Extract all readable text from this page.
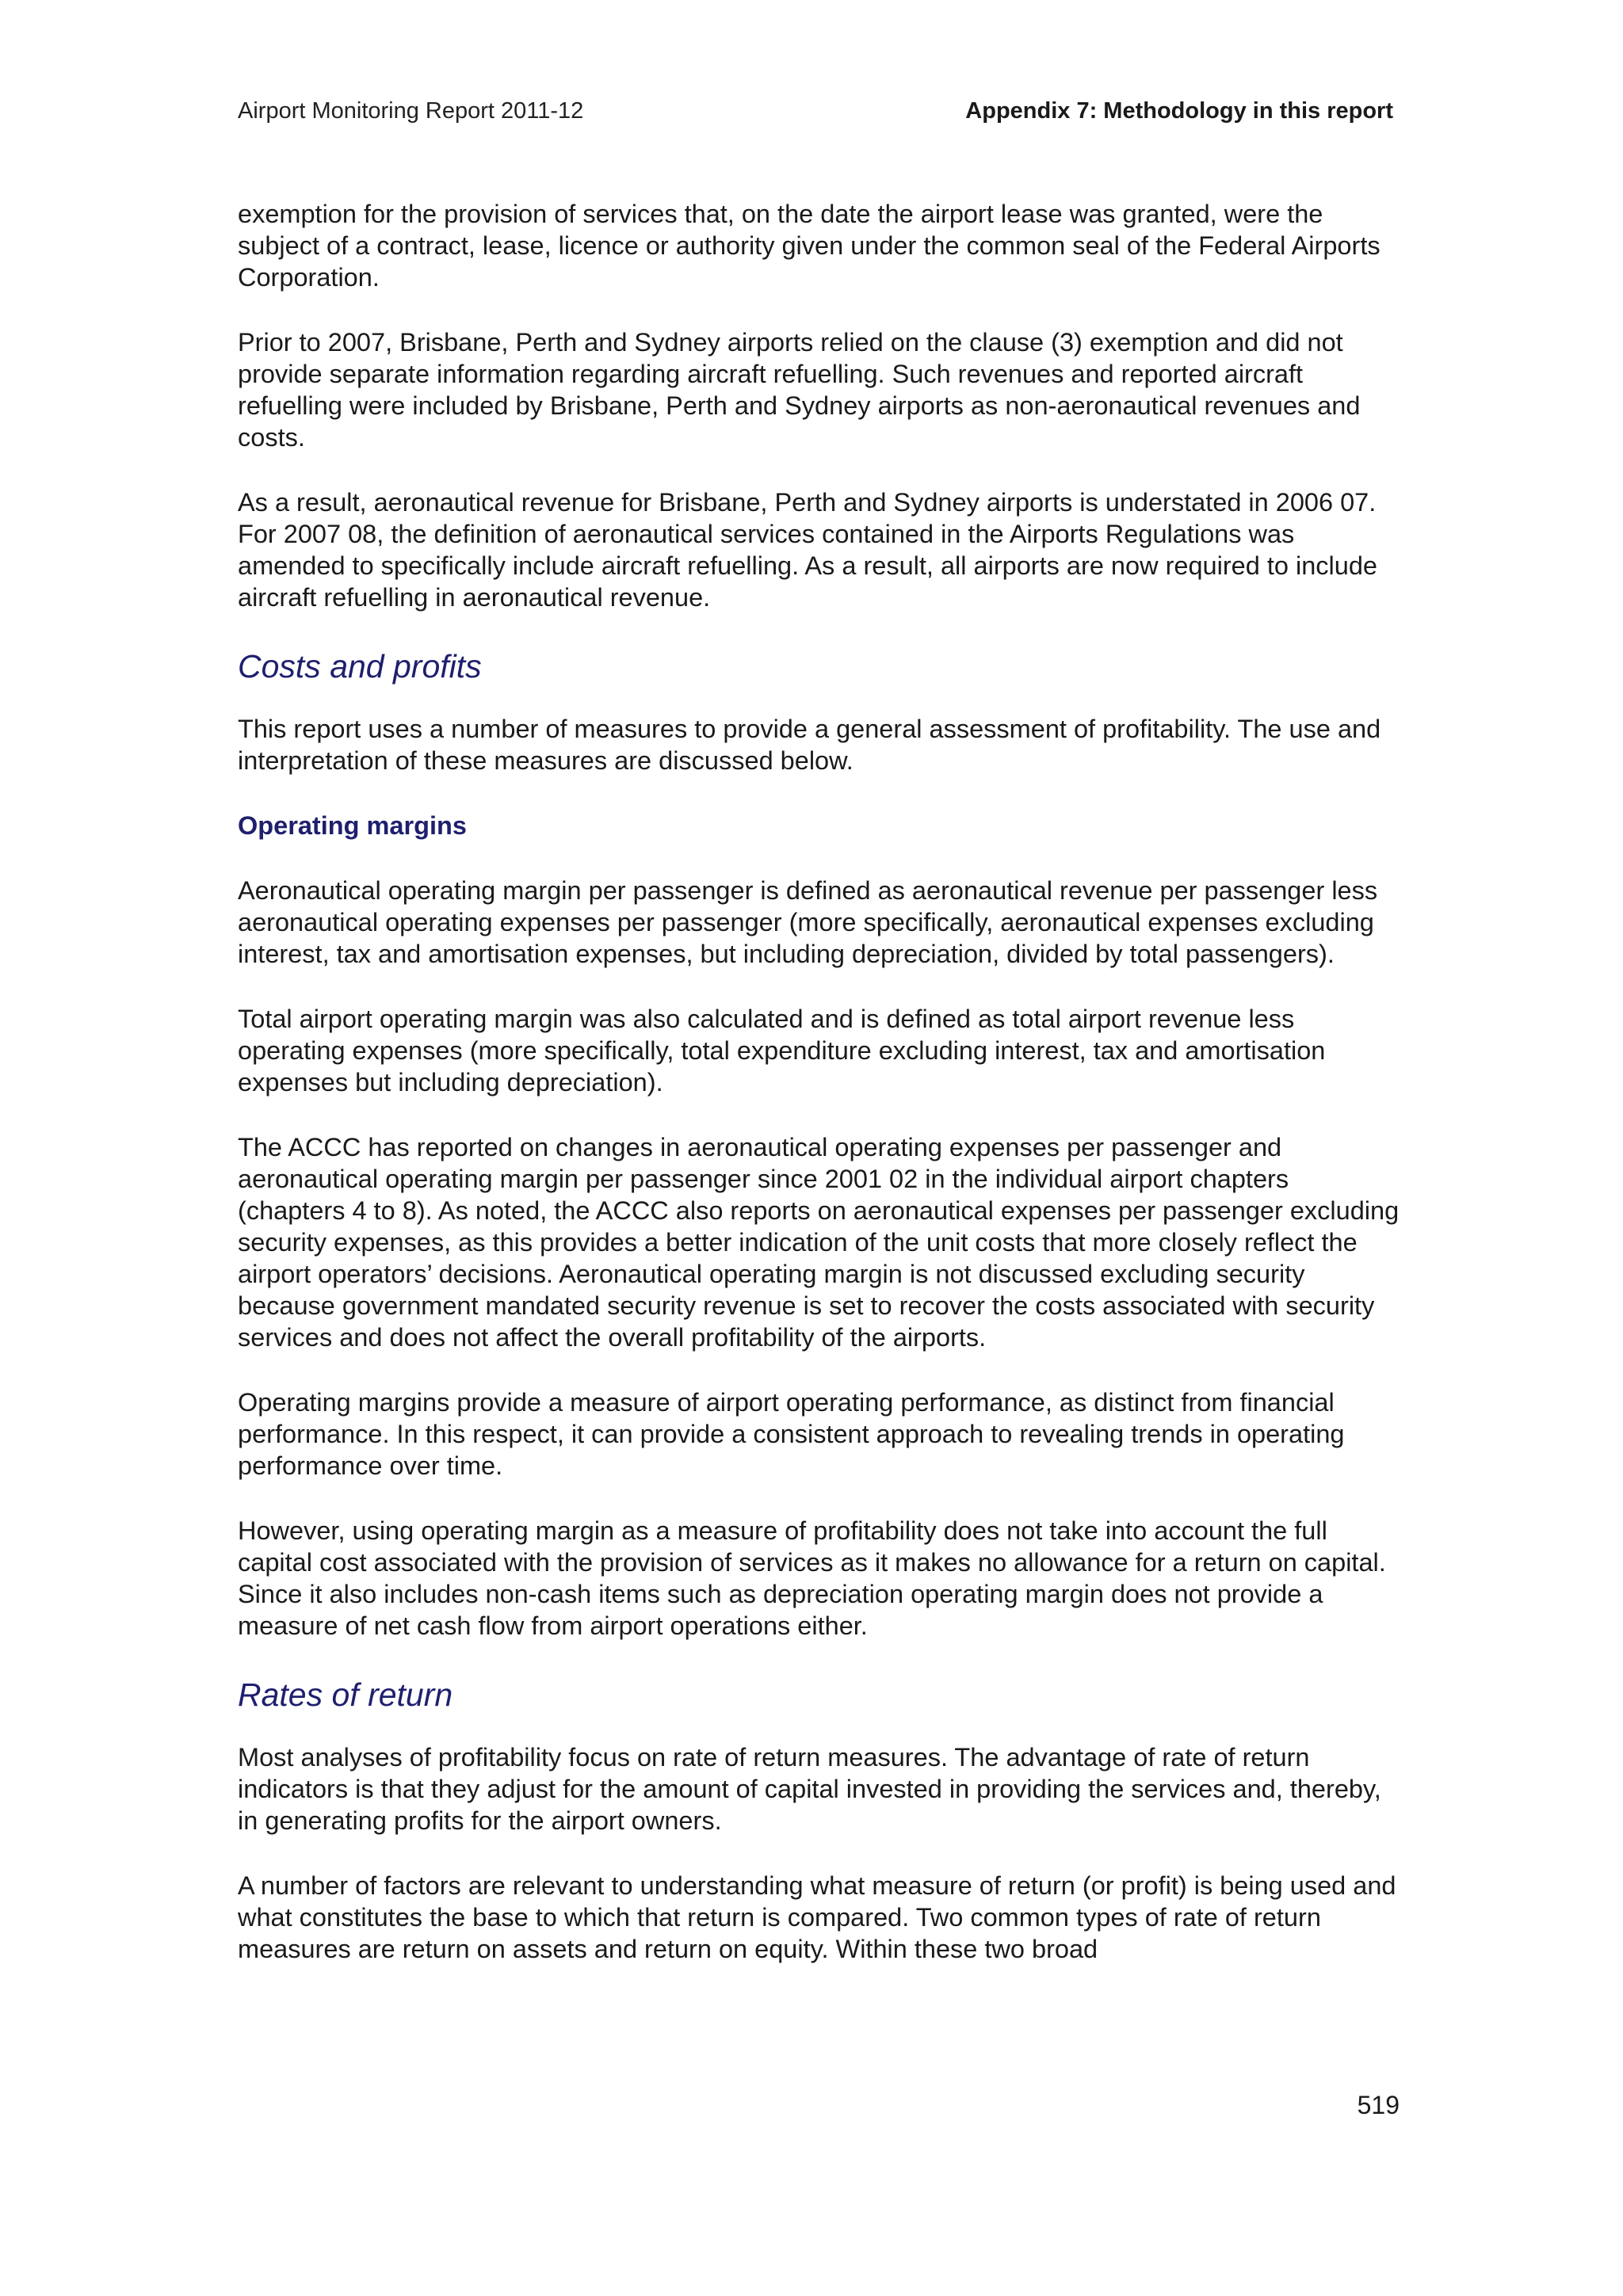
Airport Monitoring Report 2011-12	Appendix 7: Methodology in this report

exemption for the provision of services that, on the date the airport lease was granted, were the subject of a contract, lease, licence or authority given under the common seal of the Federal Airports Corporation.

Prior to 2007, Brisbane, Perth and Sydney airports relied on the clause (3) exemption and did not provide separate information regarding aircraft refuelling. Such revenues and reported aircraft refuelling were included by Brisbane, Perth and Sydney airports as non-aeronautical revenues and costs.

As a result, aeronautical revenue for Brisbane, Perth and Sydney airports is understated in 2006 07. For 2007 08, the definition of aeronautical services contained in the Airports Regulations was amended to specifically include aircraft refuelling. As a result, all airports are now required to include aircraft refuelling in aeronautical revenue.

Costs and profits

This report uses a number of measures to provide a general assessment of profitability. The use and interpretation of these measures are discussed below.

Operating margins

Aeronautical operating margin per passenger is defined as aeronautical revenue per passenger less aeronautical operating expenses per passenger (more specifically, aeronautical expenses excluding interest, tax and amortisation expenses, but including depreciation, divided by total passengers).

Total airport operating margin was also calculated and is defined as total airport revenue less operating expenses (more specifically, total expenditure excluding interest, tax and amortisation expenses but including depreciation).

The ACCC has reported on changes in aeronautical operating expenses per passenger and aeronautical operating margin per passenger since 2001 02 in the individual airport chapters (chapters 4 to 8). As noted, the ACCC also reports on aeronautical expenses per passenger excluding security expenses, as this provides a better indication of the unit costs that more closely reflect the airport operators’ decisions. Aeronautical operating margin is not discussed excluding security because government mandated security revenue is set to recover the costs associated with security services and does not affect the overall profitability of the airports.

Operating margins provide a measure of airport operating performance, as distinct from financial performance. In this respect, it can provide a consistent approach to revealing trends in operating performance over time.

However, using operating margin as a measure of profitability does not take into account the full capital cost associated with the provision of services as it makes no allowance for a return on capital. Since it also includes non-cash items such as depreciation operating margin does not provide a measure of net cash flow from airport operations either.

Rates of return

Most analyses of profitability focus on rate of return measures. The advantage of rate of return indicators is that they adjust for the amount of capital invested in providing the services and, thereby, in generating profits for the airport owners.

A number of factors are relevant to understanding what measure of return (or profit) is being used and what constitutes the base to which that return is compared. Two common types of rate of return measures are return on assets and return on equity. Within these two broad

519
